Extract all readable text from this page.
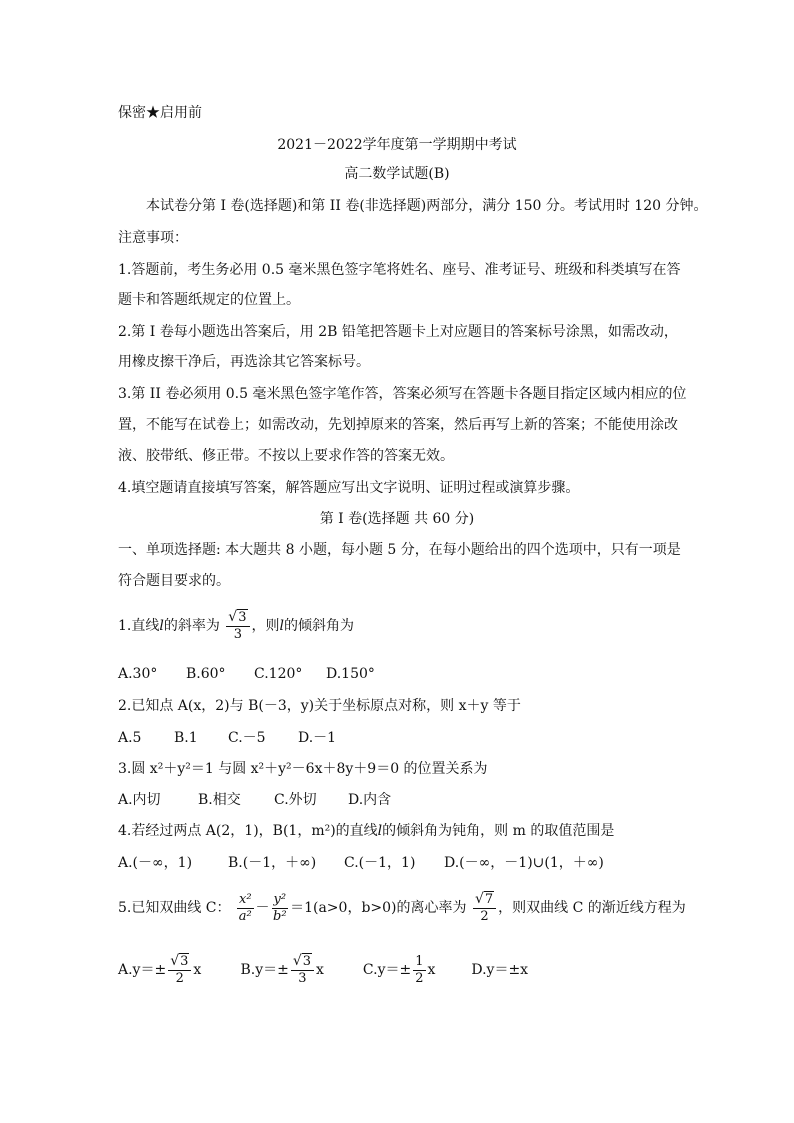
保密★启用前
2021－2022学年度第一学期期中考试
高二数学试题(B)
本试卷分第 I 卷(选择题)和第 II 卷(非选择题)两部分，满分 150 分。考试用时 120 分钟。
注意事项：
1.答题前，考生务必用 0.5 毫米黑色签字笔将姓名、座号、准考证号、班级和科类填写在答
题卡和答题纸规定的位置上。
2.第 I 卷每小题选出答案后，用 2B 铅笔把答题卡上对应题目的答案标号涂黑，如需改动，
用橡皮擦干净后，再选涂其它答案标号。
3.第 II 卷必须用 0.5 毫米黑色签字笔作答，答案必须写在答题卡各题目指定区域内相应的位
置，不能写在试卷上；如需改动，先划掉原来的答案，然后再写上新的答案；不能使用涂改
液、胶带纸、修正带。不按以上要求作答的答案无效。
4.填空题请直接填写答案，解答题应写出文字说明、证明过程或演算步骤。
第 I 卷(选择题 共 60 分)
一、单项选择题: 本大题共 8 小题，每小题 5 分，在每小题给出的四个选项中，只有一项是
符合题目要求的。
1.直线l的斜率为 $\frac{√3}{3}$ ，则l的倾斜角为
A.30° B.60° C.120° D.150°
2.已知点 A(x，2)与 B(－3，y)关于坐标原点对称，则 x＋y 等于
A.5 B.1 C.－5 D.－1
3.圆 x²＋y²＝1 与圆 x²＋y²－6x＋8y＋9＝0 的位置关系为
A.内切	B.相交 C.外切 D.内含
4.若经过两点 A(2，1)，B(1，m²)的直线l的倾斜角为钝角，则 m 的取值范围是
A.(－∞，1)	B.(－1，＋∞) C.(－1，1) D.(－∞，－1)∪(1，＋∞)
5.已知双曲线 C： $\frac{\text{x²}}{\text{a²}} - \frac{\text{y²}}{\text{b²}} =1(a>0$，b>0)的离心率为 $\frac{√7}{2}$ ，则双曲线 C 的渐近线方程为
$A.y=\pm \frac{√3}{2}$ x	$B.y=\pm \frac{√3}{3}$ x	$C.y=\pm \frac{1}{2}$ x	D.y＝±x
